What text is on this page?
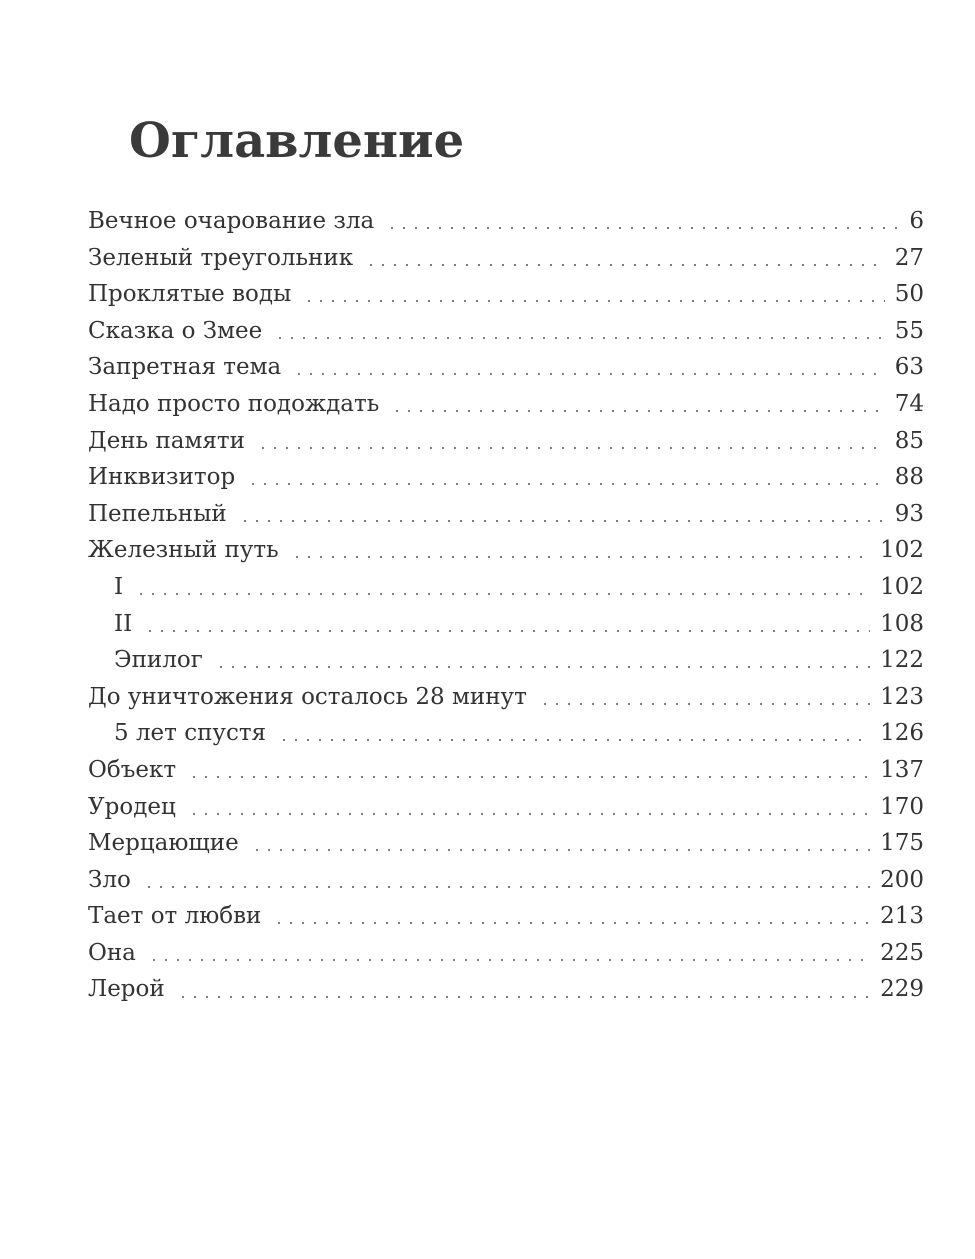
Оглавление
Вечное очарование зла	6
Зеленый треугольник	27
Проклятые воды	50
Сказка о Змее	55
Запретная тема	63
Надо просто подождать	74
День памяти	85
Инквизитор	88
Пепельный	93
Железный путь	102
I	102
II	108
Эпилог	122
До уничтожения осталось 28 минут	123
5 лет спустя	126
Объект	137
Уродец	170
Мерцающие	175
Зло	200
Тает от любви	213
Она	225
Лерой	229
